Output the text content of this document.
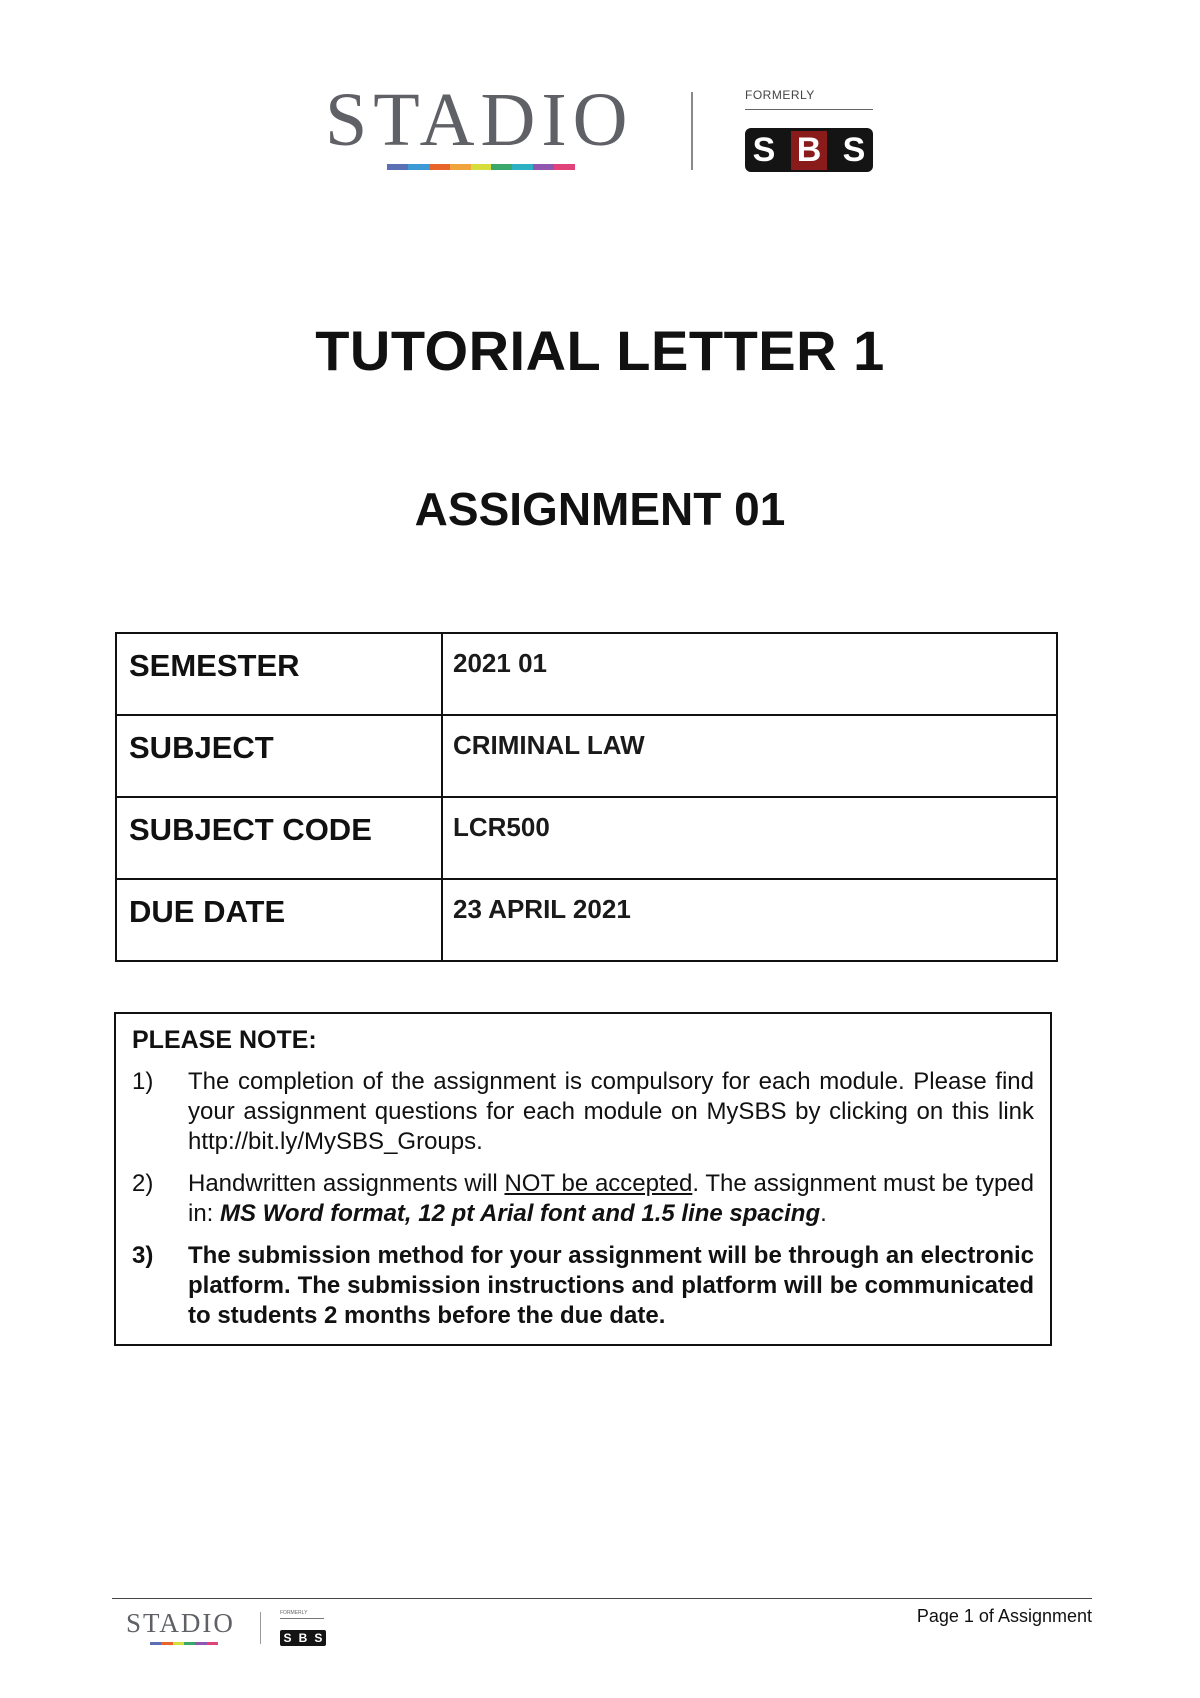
STADIO	FORMERLY
S B S
TUTORIAL LETTER 1
ASSIGNMENT 01
SEMESTER	2021 01
SUBJECT	CRIMINAL LAW
SUBJECT CODE	LCR500
DUE DATE	23 APRIL 2021
PLEASE NOTE:
1)	The completion of the assignment is compulsory for each module. Please find your assignment questions for each module on MySBS by clicking on this link http://bit.ly/MySBS_Groups.
2)	Handwritten assignments will NOT be accepted. The assignment must be typed in: MS Word format, 12 pt Arial font and 1.5 line spacing.
3)	The submission method for your assignment will be through an electronic platform. The submission instructions and platform will be communicated to students 2 months before the due date.
STADIO	FORMERLY
S B S
Page 1 of Assignment
